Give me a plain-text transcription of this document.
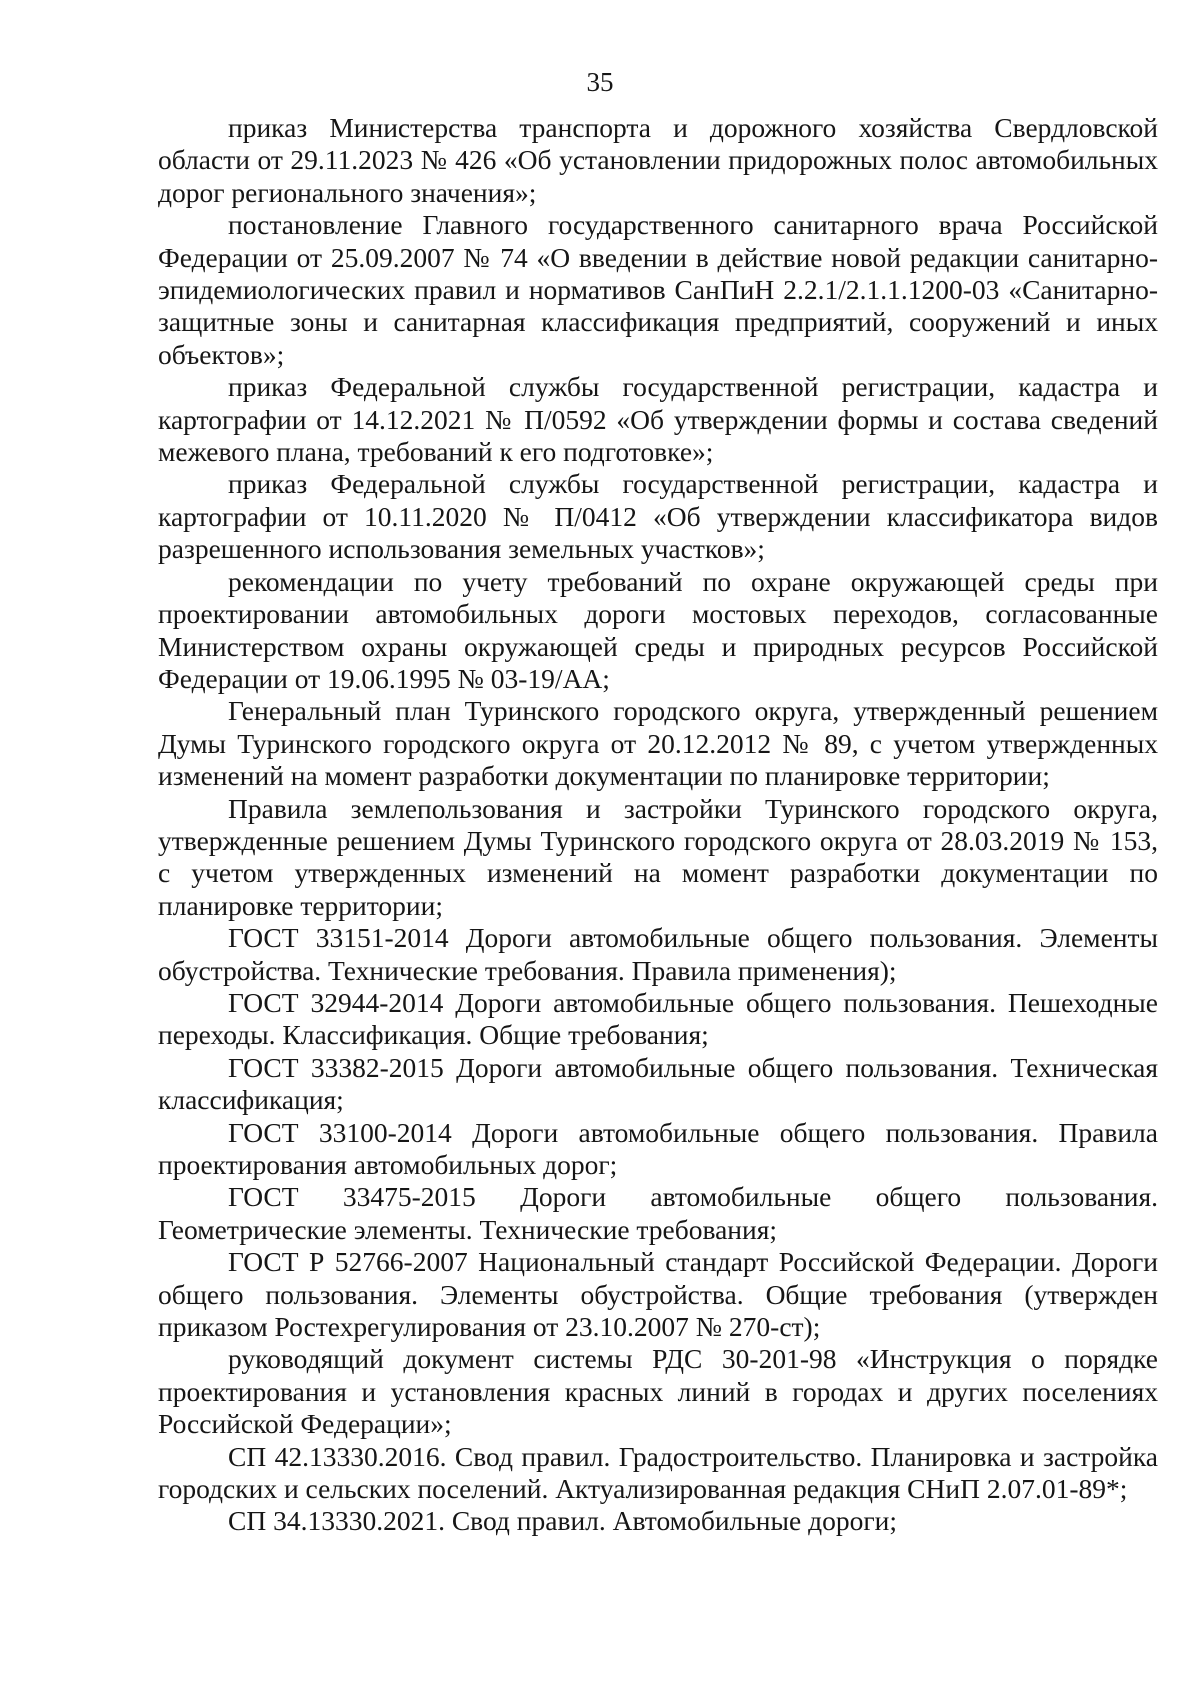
35

приказ Министерства транспорта и дорожного хозяйства Свердловской области от 29.11.2023 № 426 «Об установлении придорожных полос автомобильных дорог регионального значения»;

постановление Главного государственного санитарного врача Российской Федерации от 25.09.2007 № 74 «О введении в действие новой редакции санитарно-эпидемиологических правил и нормативов СанПиН 2.2.1/2.1.1.1200-03 «Санитарно-защитные зоны и санитарная классификация предприятий, сооружений и иных объектов»;

приказ Федеральной службы государственной регистрации, кадастра и картографии от 14.12.2021 № П/0592 «Об утверждении формы и состава сведений межевого плана, требований к его подготовке»;

приказ Федеральной службы государственной регистрации, кадастра и картографии от 10.11.2020 № П/0412 «Об утверждении классификатора видов разрешенного использования земельных участков»;

рекомендации по учету требований по охране окружающей среды при проектировании автомобильных дороги мостовых переходов, согласованные Министерством охраны окружающей среды и природных ресурсов Российской Федерации от 19.06.1995 № 03-19/АА;

Генеральный план Туринского городского округа, утвержденный решением Думы Туринского городского округа от 20.12.2012 № 89, с учетом утвержденных изменений на момент разработки документации по планировке территории;

Правила землепользования и застройки Туринского городского округа, утвержденные решением Думы Туринского городского округа от 28.03.2019 № 153, с учетом утвержденных изменений на момент разработки документации по планировке территории;

ГОСТ 33151-2014 Дороги автомобильные общего пользования. Элементы обустройства. Технические требования. Правила применения);

ГОСТ 32944-2014 Дороги автомобильные общего пользования. Пешеходные переходы. Классификация. Общие требования;

ГОСТ 33382-2015 Дороги автомобильные общего пользования. Техническая классификация;

ГОСТ 33100-2014 Дороги автомобильные общего пользования. Правила проектирования автомобильных дорог;

ГОСТ 33475-2015 Дороги автомобильные общего пользования. Геометрические элементы. Технические требования;

ГОСТ Р 52766-2007 Национальный стандарт Российской Федерации. Дороги общего пользования. Элементы обустройства. Общие требования (утвержден приказом Ростехрегулирования от 23.10.2007 № 270-ст);

руководящий документ системы РДС 30-201-98 «Инструкция о порядке проектирования и установления красных линий в городах и других поселениях Российской Федерации»;

СП 42.13330.2016. Свод правил. Градостроительство. Планировка и застройка городских и сельских поселений. Актуализированная редакция СНиП 2.07.01-89*;

СП 34.13330.2021. Свод правил. Автомобильные дороги;
